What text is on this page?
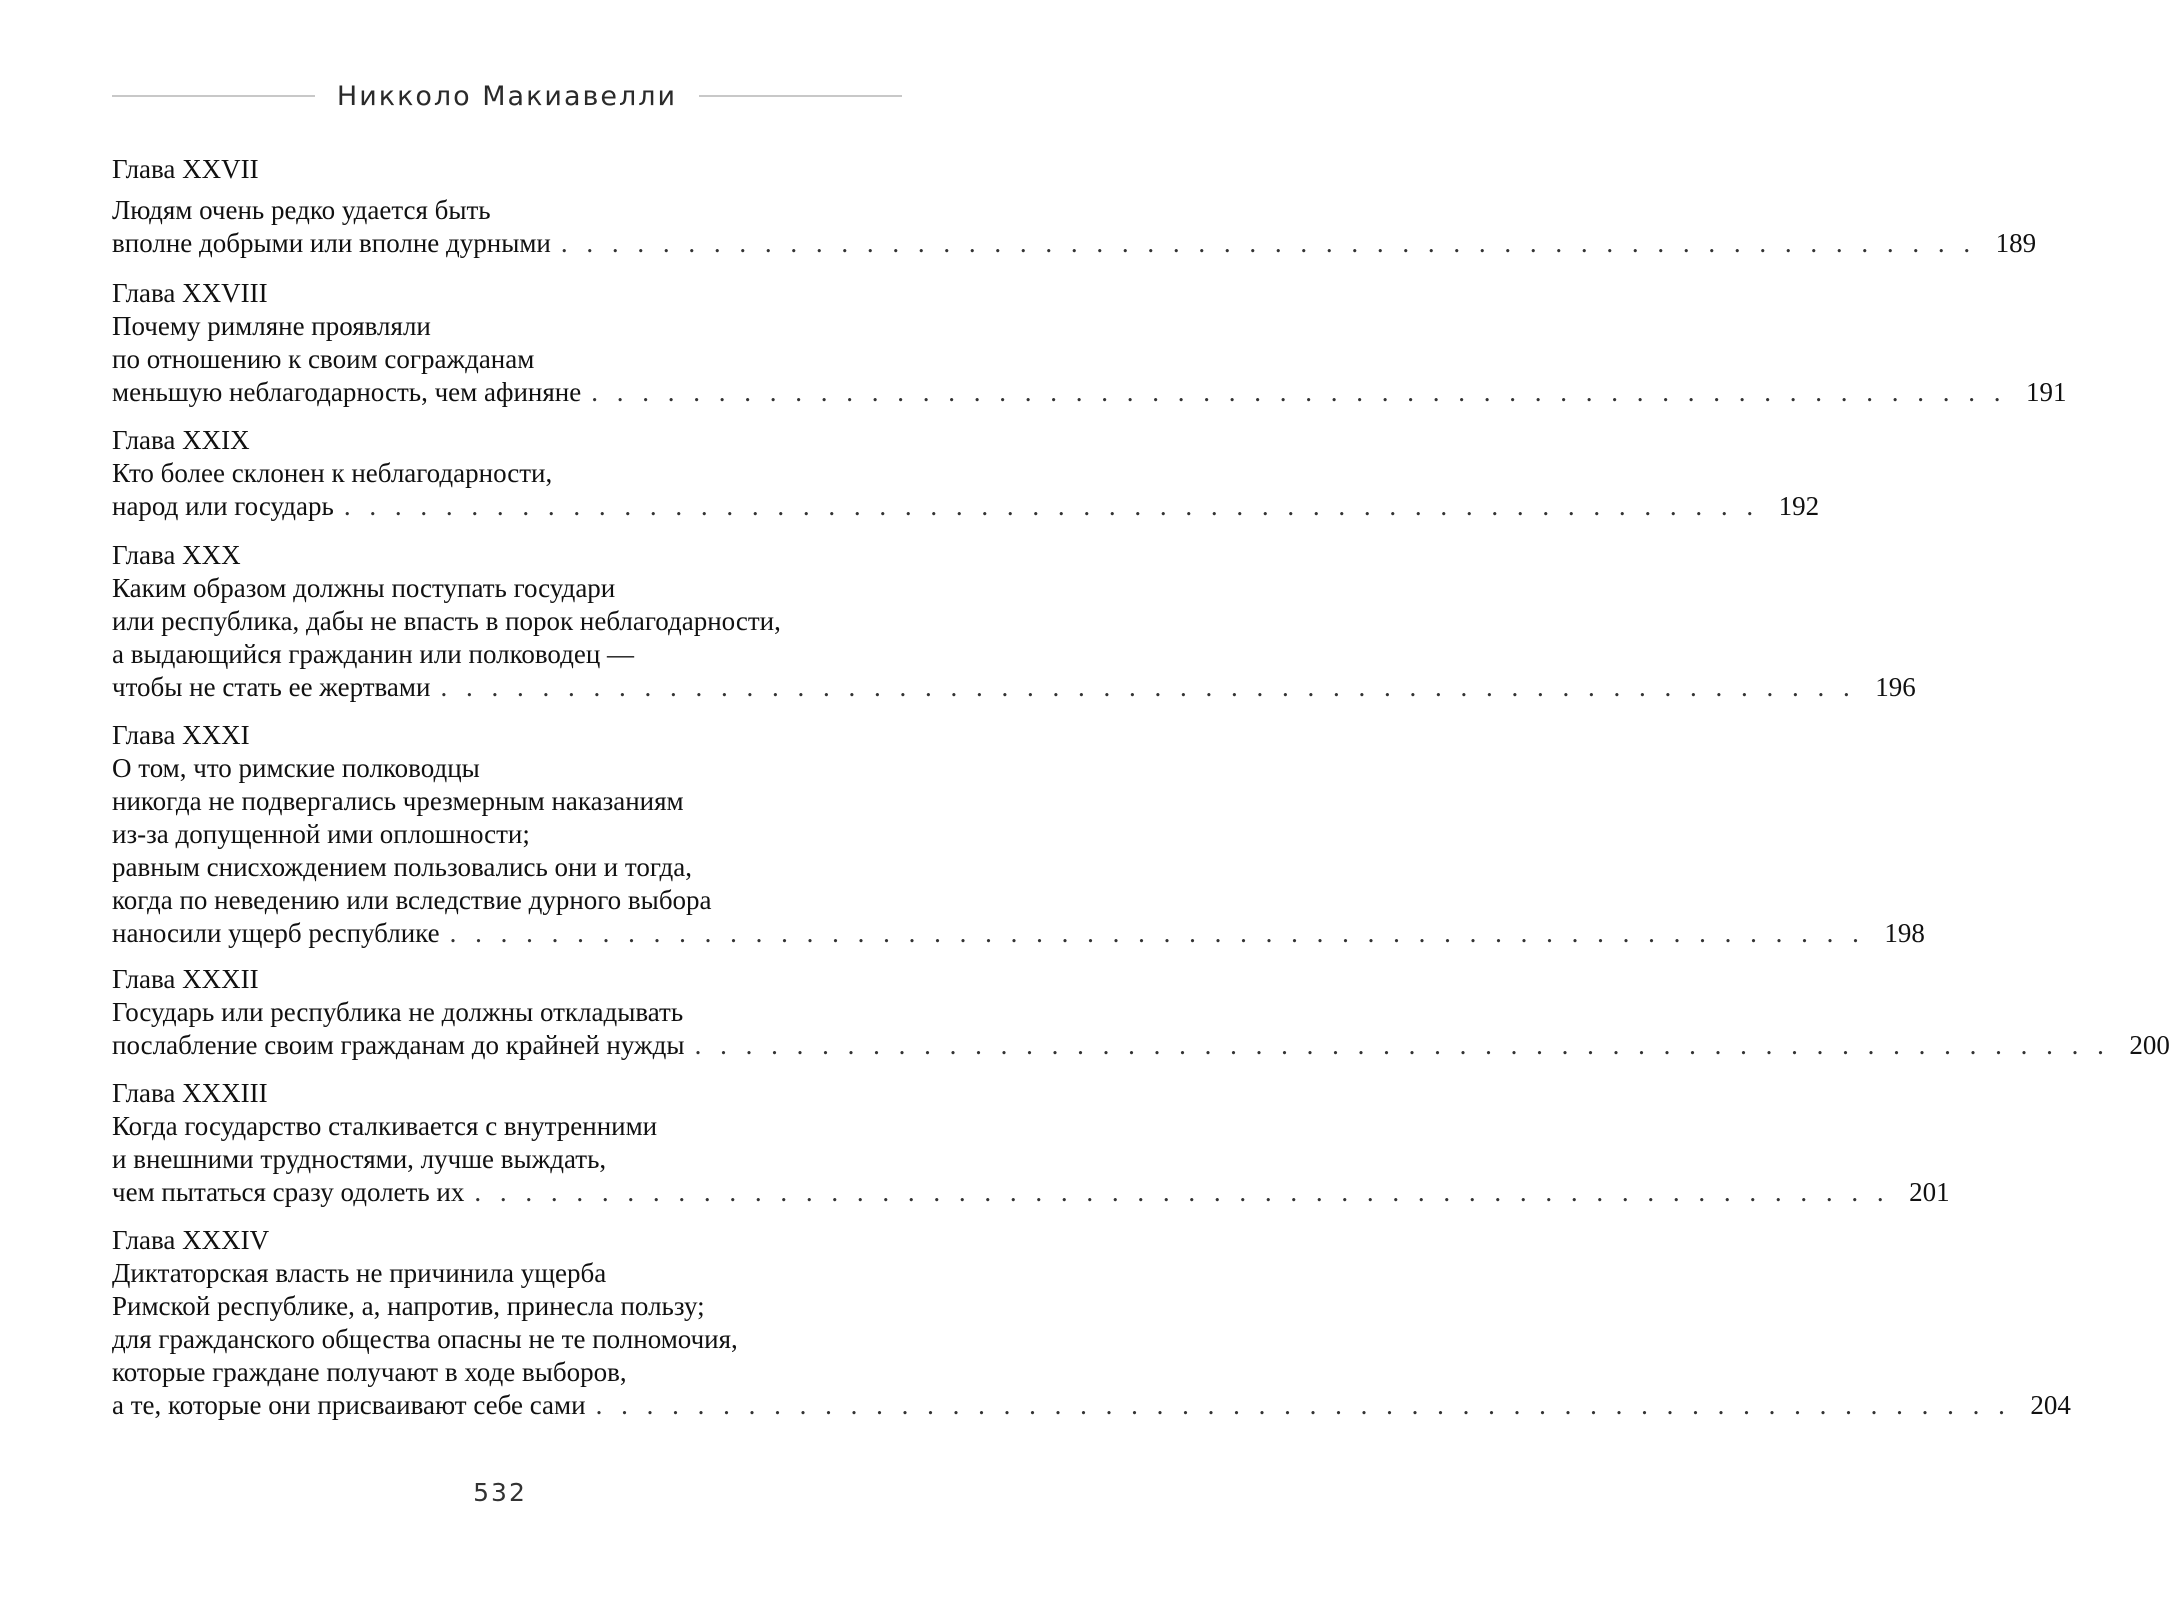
Никколо Макиавелли
Глава XXVII
Людям очень редко удается быть
вполне добрыми или вполне дурными . . . . . . . . . . . . . . . . . . . . . . . . . . . . . . . . . . . . . . . . . . . . . . . . . . . . . . . . 189
Глава XXVIII
Почему римляне проявляли
по отношению к своим согражданам
меньшую неблагодарность, чем афиняне . . . . . . . . . . . . . . . . . . . . . . . . . . . . . . . . . . . . . . . . . . . . . . . . . . . . . . . . 191
Глава XXIX
Кто более склонен к неблагодарности,
народ или государь . . . . . . . . . . . . . . . . . . . . . . . . . . . . . . . . . . . . . . . . . . . . . . . . . . . . . . . . 192
Глава XXX
Каким образом должны поступать государи
или республика, дабы не впасть в порок неблагодарности,
а выдающийся гражданин или полководец —
чтобы не стать ее жертвами . . . . . . . . . . . . . . . . . . . . . . . . . . . . . . . . . . . . . . . . . . . . . . . . . . . . . . . . 196
Глава XXXI
О том, что римские полководцы
никогда не подвергались чрезмерным наказаниям
из-за допущенной ими оплошности;
равным снисхождением пользовались они и тогда,
когда по неведению или вследствие дурного выбора
наносили ущерб республике . . . . . . . . . . . . . . . . . . . . . . . . . . . . . . . . . . . . . . . . . . . . . . . . . . . . . . . . 198
Глава XXXII
Государь или республика не должны откладывать
послабление своим гражданам до крайней нужды . . . . . . . . . . . . . . . . . . . . . . . . . . . . . . . . . . . . . . . . . . . . . . . . . . . . . . . . 200
Глава XXXIII
Когда государство сталкивается с внутренними
и внешними трудностями, лучше выждать,
чем пытаться сразу одолеть их . . . . . . . . . . . . . . . . . . . . . . . . . . . . . . . . . . . . . . . . . . . . . . . . . . . . . . . . 201
Глава XXXIV
Диктаторская власть не причинила ущерба
Римской республике, а, напротив, принесла пользу;
для гражданского общества опасны не те полномочия,
которые граждане получают в ходе выборов,
а те, которые они присваивают себе сами . . . . . . . . . . . . . . . . . . . . . . . . . . . . . . . . . . . . . . . . . . . . . . . . . . . . . . . . 204
532
